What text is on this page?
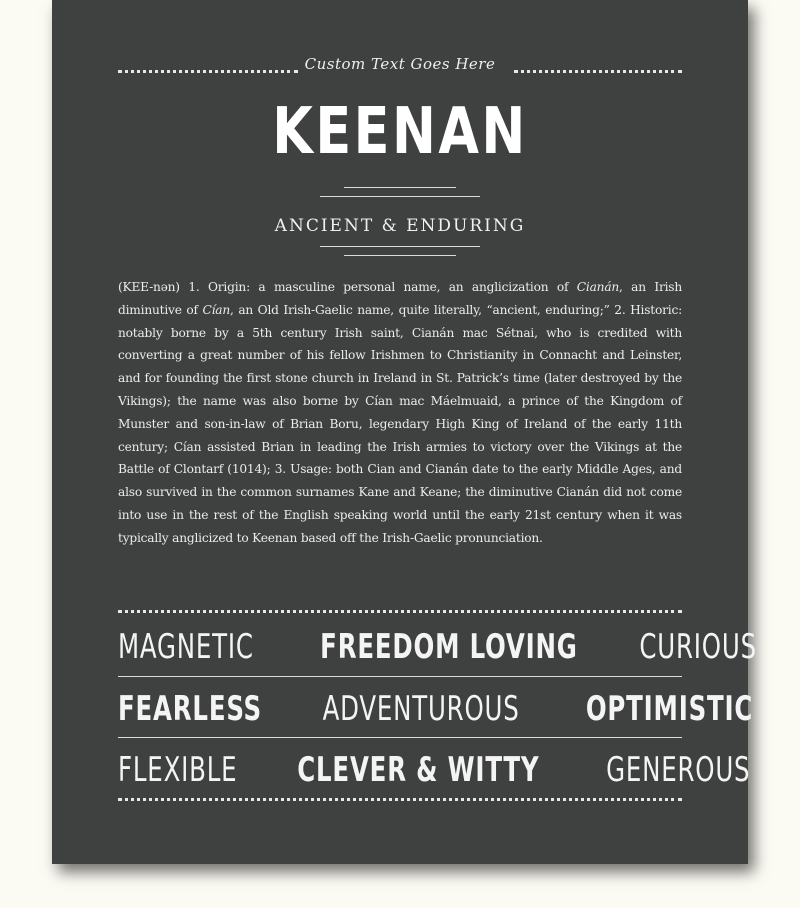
Custom Text Goes Here
KEENAN
ANCIENT & ENDURING
(KEE-nən) 1. Origin: a masculine personal name, an anglicization of Cianán, an Irish diminutive of Cían, an Old Irish-Gaelic name, quite literally, “ancient, enduring;” 2. Historic: notably borne by a 5th century Irish saint, Cianán mac Sétnai, who is credited with converting a great number of his fellow Irishmen to Christianity in Connacht and Leinster, and for founding the first stone church in Ireland in St. Patrick’s time (later destroyed by the Vikings); the name was also borne by Cían mac Máelmuaid, a prince of the Kingdom of Munster and son-in-law of Brian Boru, legendary High King of Ireland of the early 11th century; Cían assisted Brian in leading the Irish armies to victory over the Vikings at the Battle of Clontarf (1014); 3. Usage: both Cian and Cianán date to the early Middle Ages, and also survived in the common surnames Kane and Keane; the diminutive Cianán did not come into use in the rest of the English speaking world until the early 21st century when it was typically anglicized to Keenan based off the Irish-Gaelic pronunciation.
MAGNETIC	FREEDOM LOVING	CURIOUS
FEARLESS	ADVENTUROUS	OPTIMISTIC
FLEXIBLE	CLEVER & WITTY	GENEROUS
